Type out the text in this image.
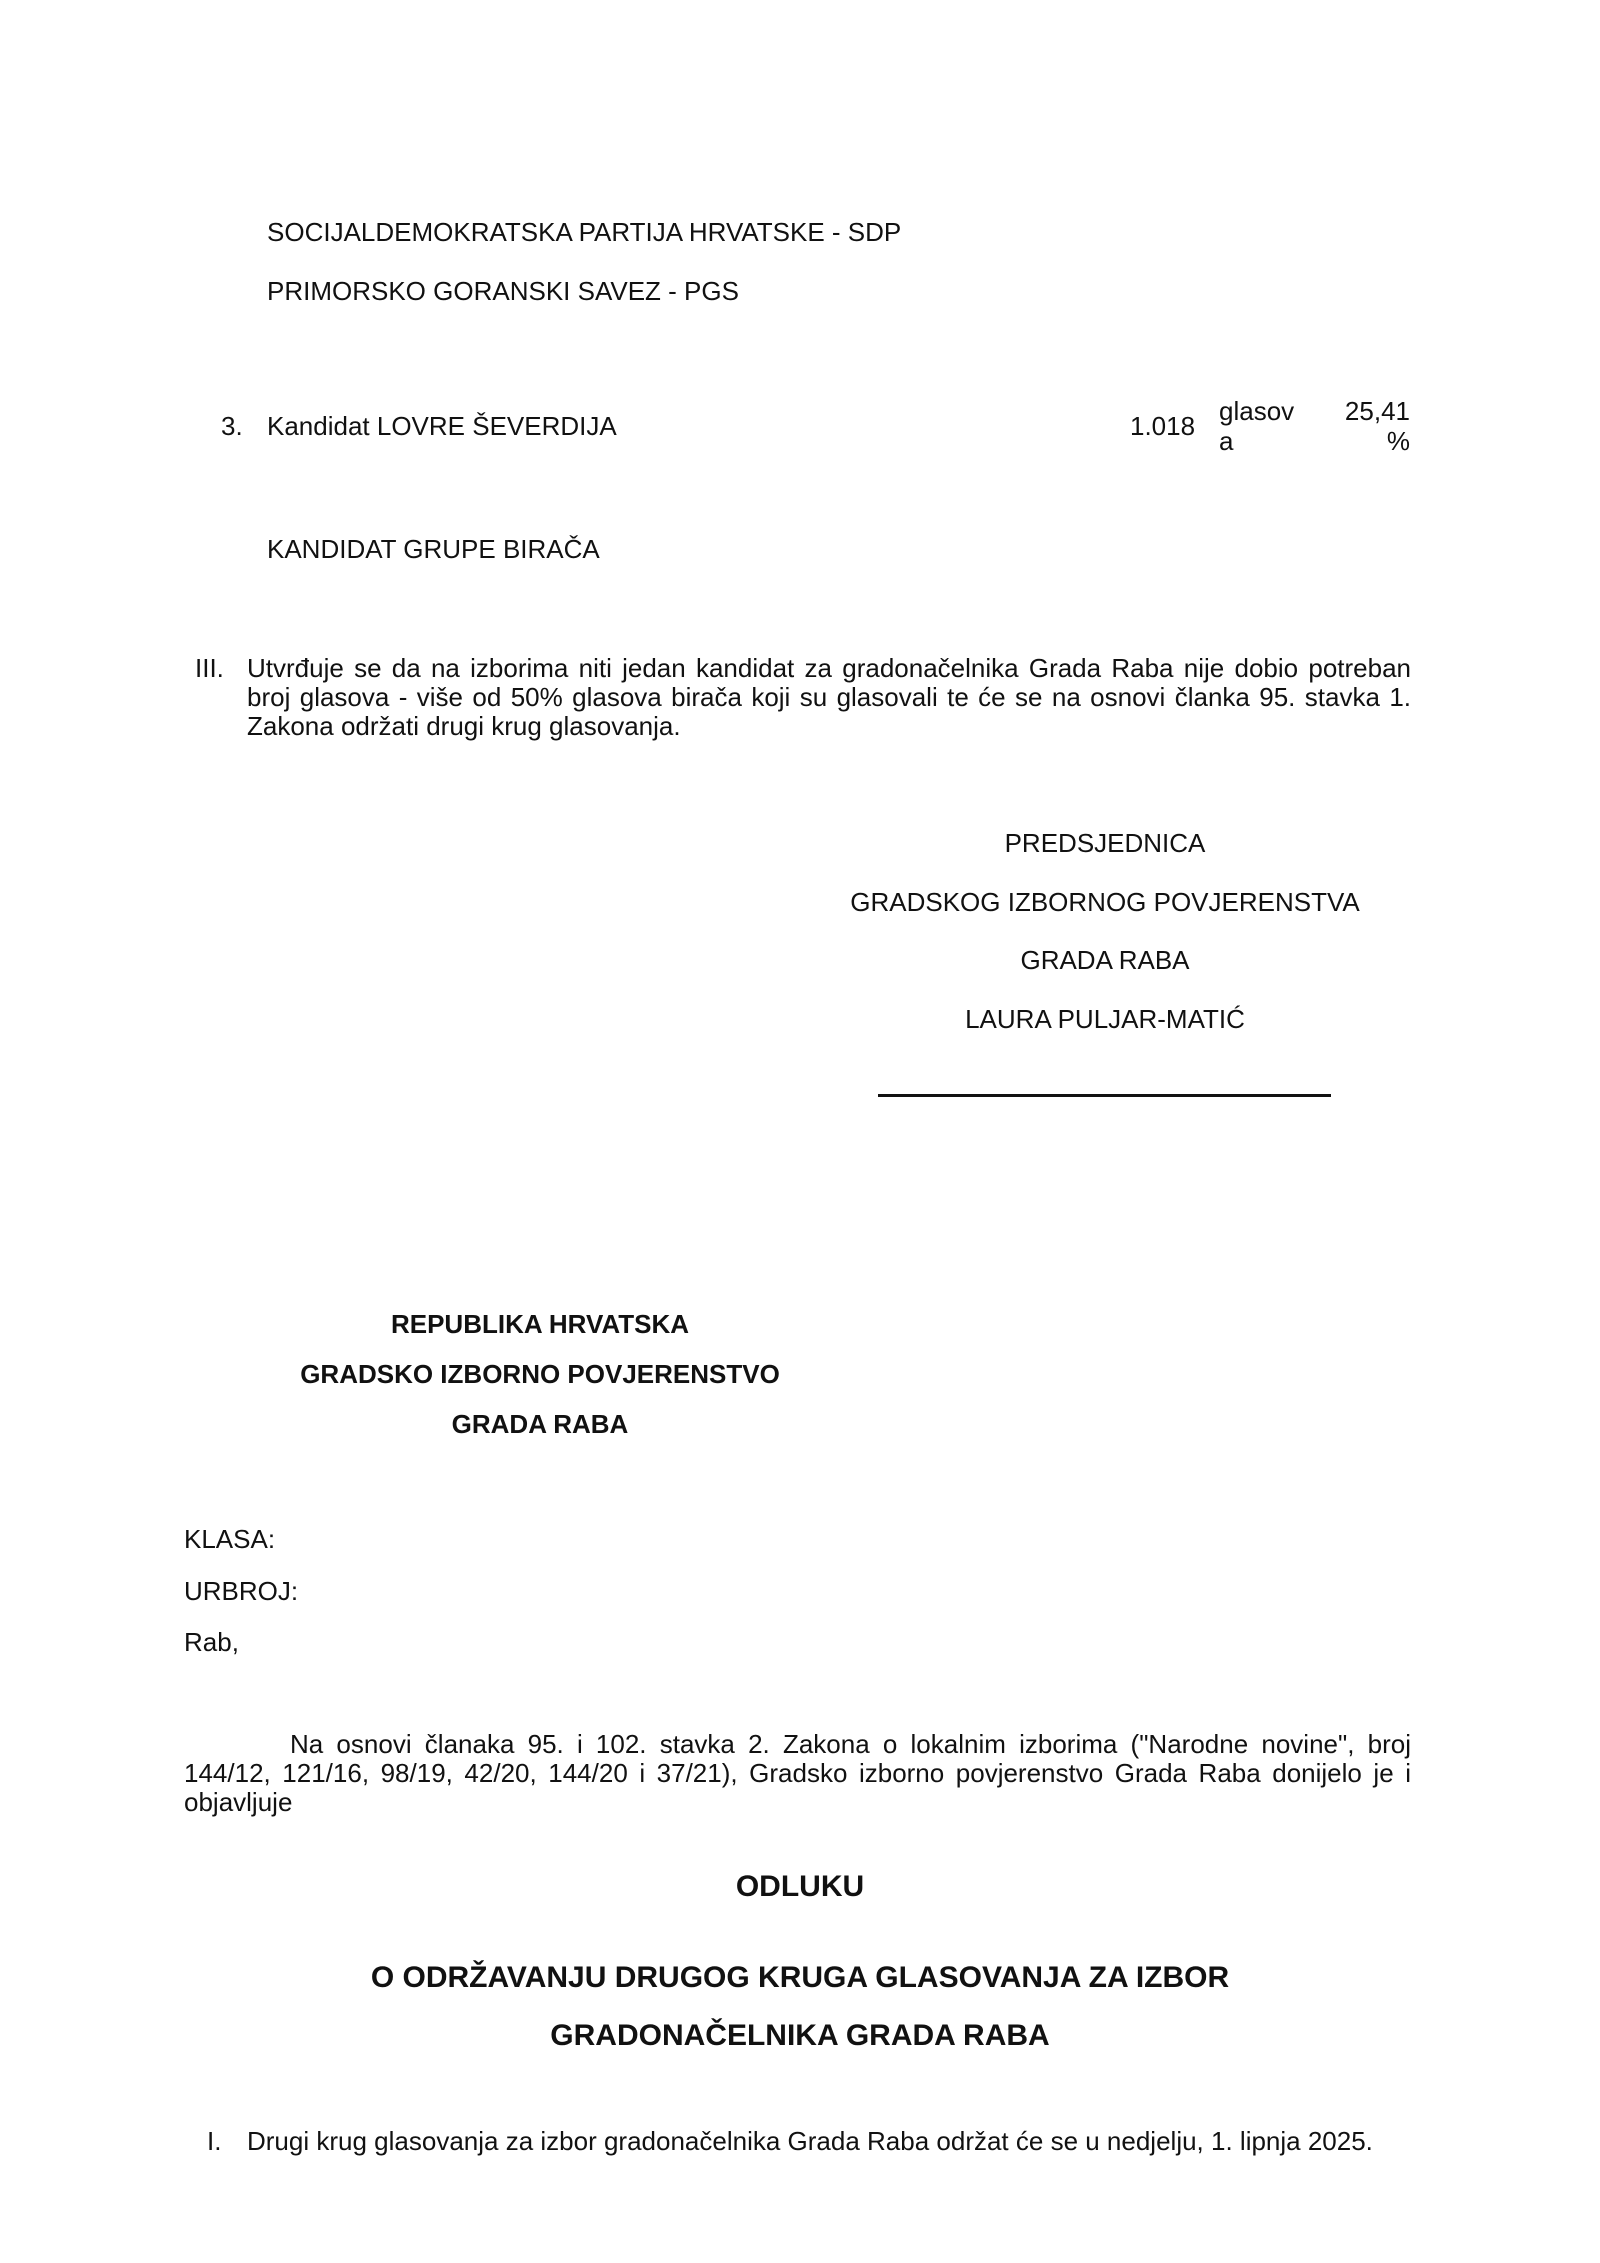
SOCIJALDEMOKRATSKA PARTIJA HRVATSKE - SDP
PRIMORSKO GORANSKI SAVEZ - PGS
3. Kandidat LOVRE ŠEVERDIJA	1.018 glasov
a
25,41
%
KANDIDAT GRUPE BIRAČA
III. Utvrđuje se da na izborima niti jedan kandidat za gradonačelnika Grada Raba nije dobio potreban broj glasova - više od 50% glasova birača koji su glasovali te će se na osnovi članka 95. stavka 1. Zakona održati drugi krug glasovanja.
PREDSJEDNICA
GRADSKOG IZBORNOG POVJERENSTVA
GRADA RABA
LAURA PULJAR-MATIĆ
REPUBLIKA HRVATSKA
GRADSKO IZBORNO POVJERENSTVO
GRADA RABA
KLASA:
URBROJ:
Rab,
Na osnovi članaka 95. i 102. stavka 2. Zakona o lokalnim izborima ("Narodne novine", broj 144/12, 121/16, 98/19, 42/20, 144/20 i 37/21), Gradsko izborno povjerenstvo Grada Raba donijelo je i objavljuje
ODLUKU
O ODRŽAVANJU DRUGOG KRUGA GLASOVANJA ZA IZBOR
GRADONAČELNIKA GRADA RABA
I. Drugi krug glasovanja za izbor gradonačelnika Grada Raba održat će se u nedjelju, 1. lipnja 2025.
